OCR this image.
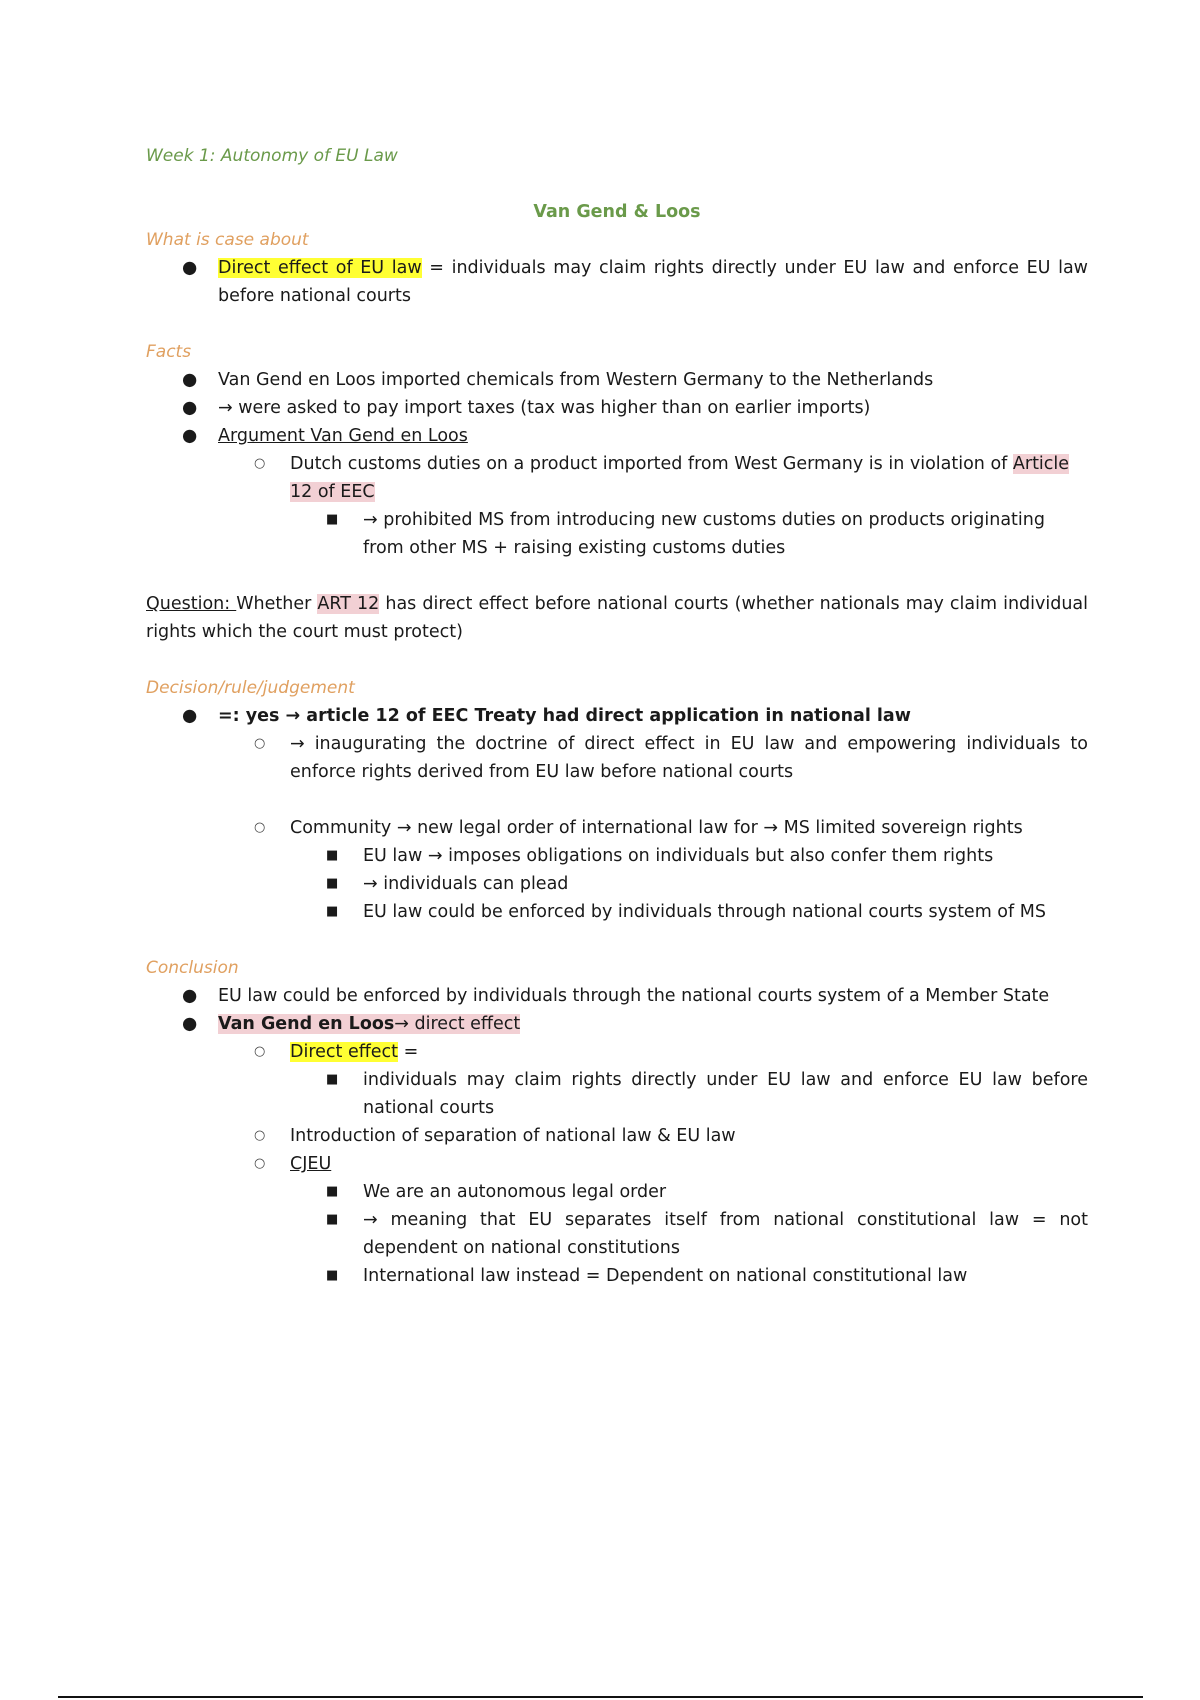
Week 1: Autonomy of EU Law
Van Gend & Loos
What is case about
● Direct effect of EU law = individuals may claim rights directly under EU law and enforce EU law before national courts
Facts
● Van Gend en Loos imported chemicals from Western Germany to the Netherlands
● → were asked to pay import taxes (tax was higher than on earlier imports)
● Argument Van Gend en Loos
○ Dutch customs duties on a product imported from West Germany is in violation of Article 12 of EEC
■ → prohibited MS from introducing new customs duties on products originating from other MS + raising existing customs duties
Question: Whether ART 12 has direct effect before national courts (whether nationals may claim individual rights which the court must protect)
Decision/rule/judgement
● =: yes → article 12 of EEC Treaty had direct application in national law
○ → inaugurating the doctrine of direct effect in EU law and empowering individuals to enforce rights derived from EU law before national courts
○ Community → new legal order of international law for → MS limited sovereign rights
■ EU law → imposes obligations on individuals but also confer them rights
■ → individuals can plead
■ EU law could be enforced by individuals through national courts system of MS
Conclusion
● EU law could be enforced by individuals through the national courts system of a Member State
● Van Gend en Loos→ direct effect
○ Direct effect =
■ individuals may claim rights directly under EU law and enforce EU law before national courts
○ Introduction of separation of national law & EU law
○ CJEU
■ We are an autonomous legal order
■ → meaning that EU separates itself from national constitutional law = not dependent on national constitutions
■ International law instead = Dependent on national constitutional law
